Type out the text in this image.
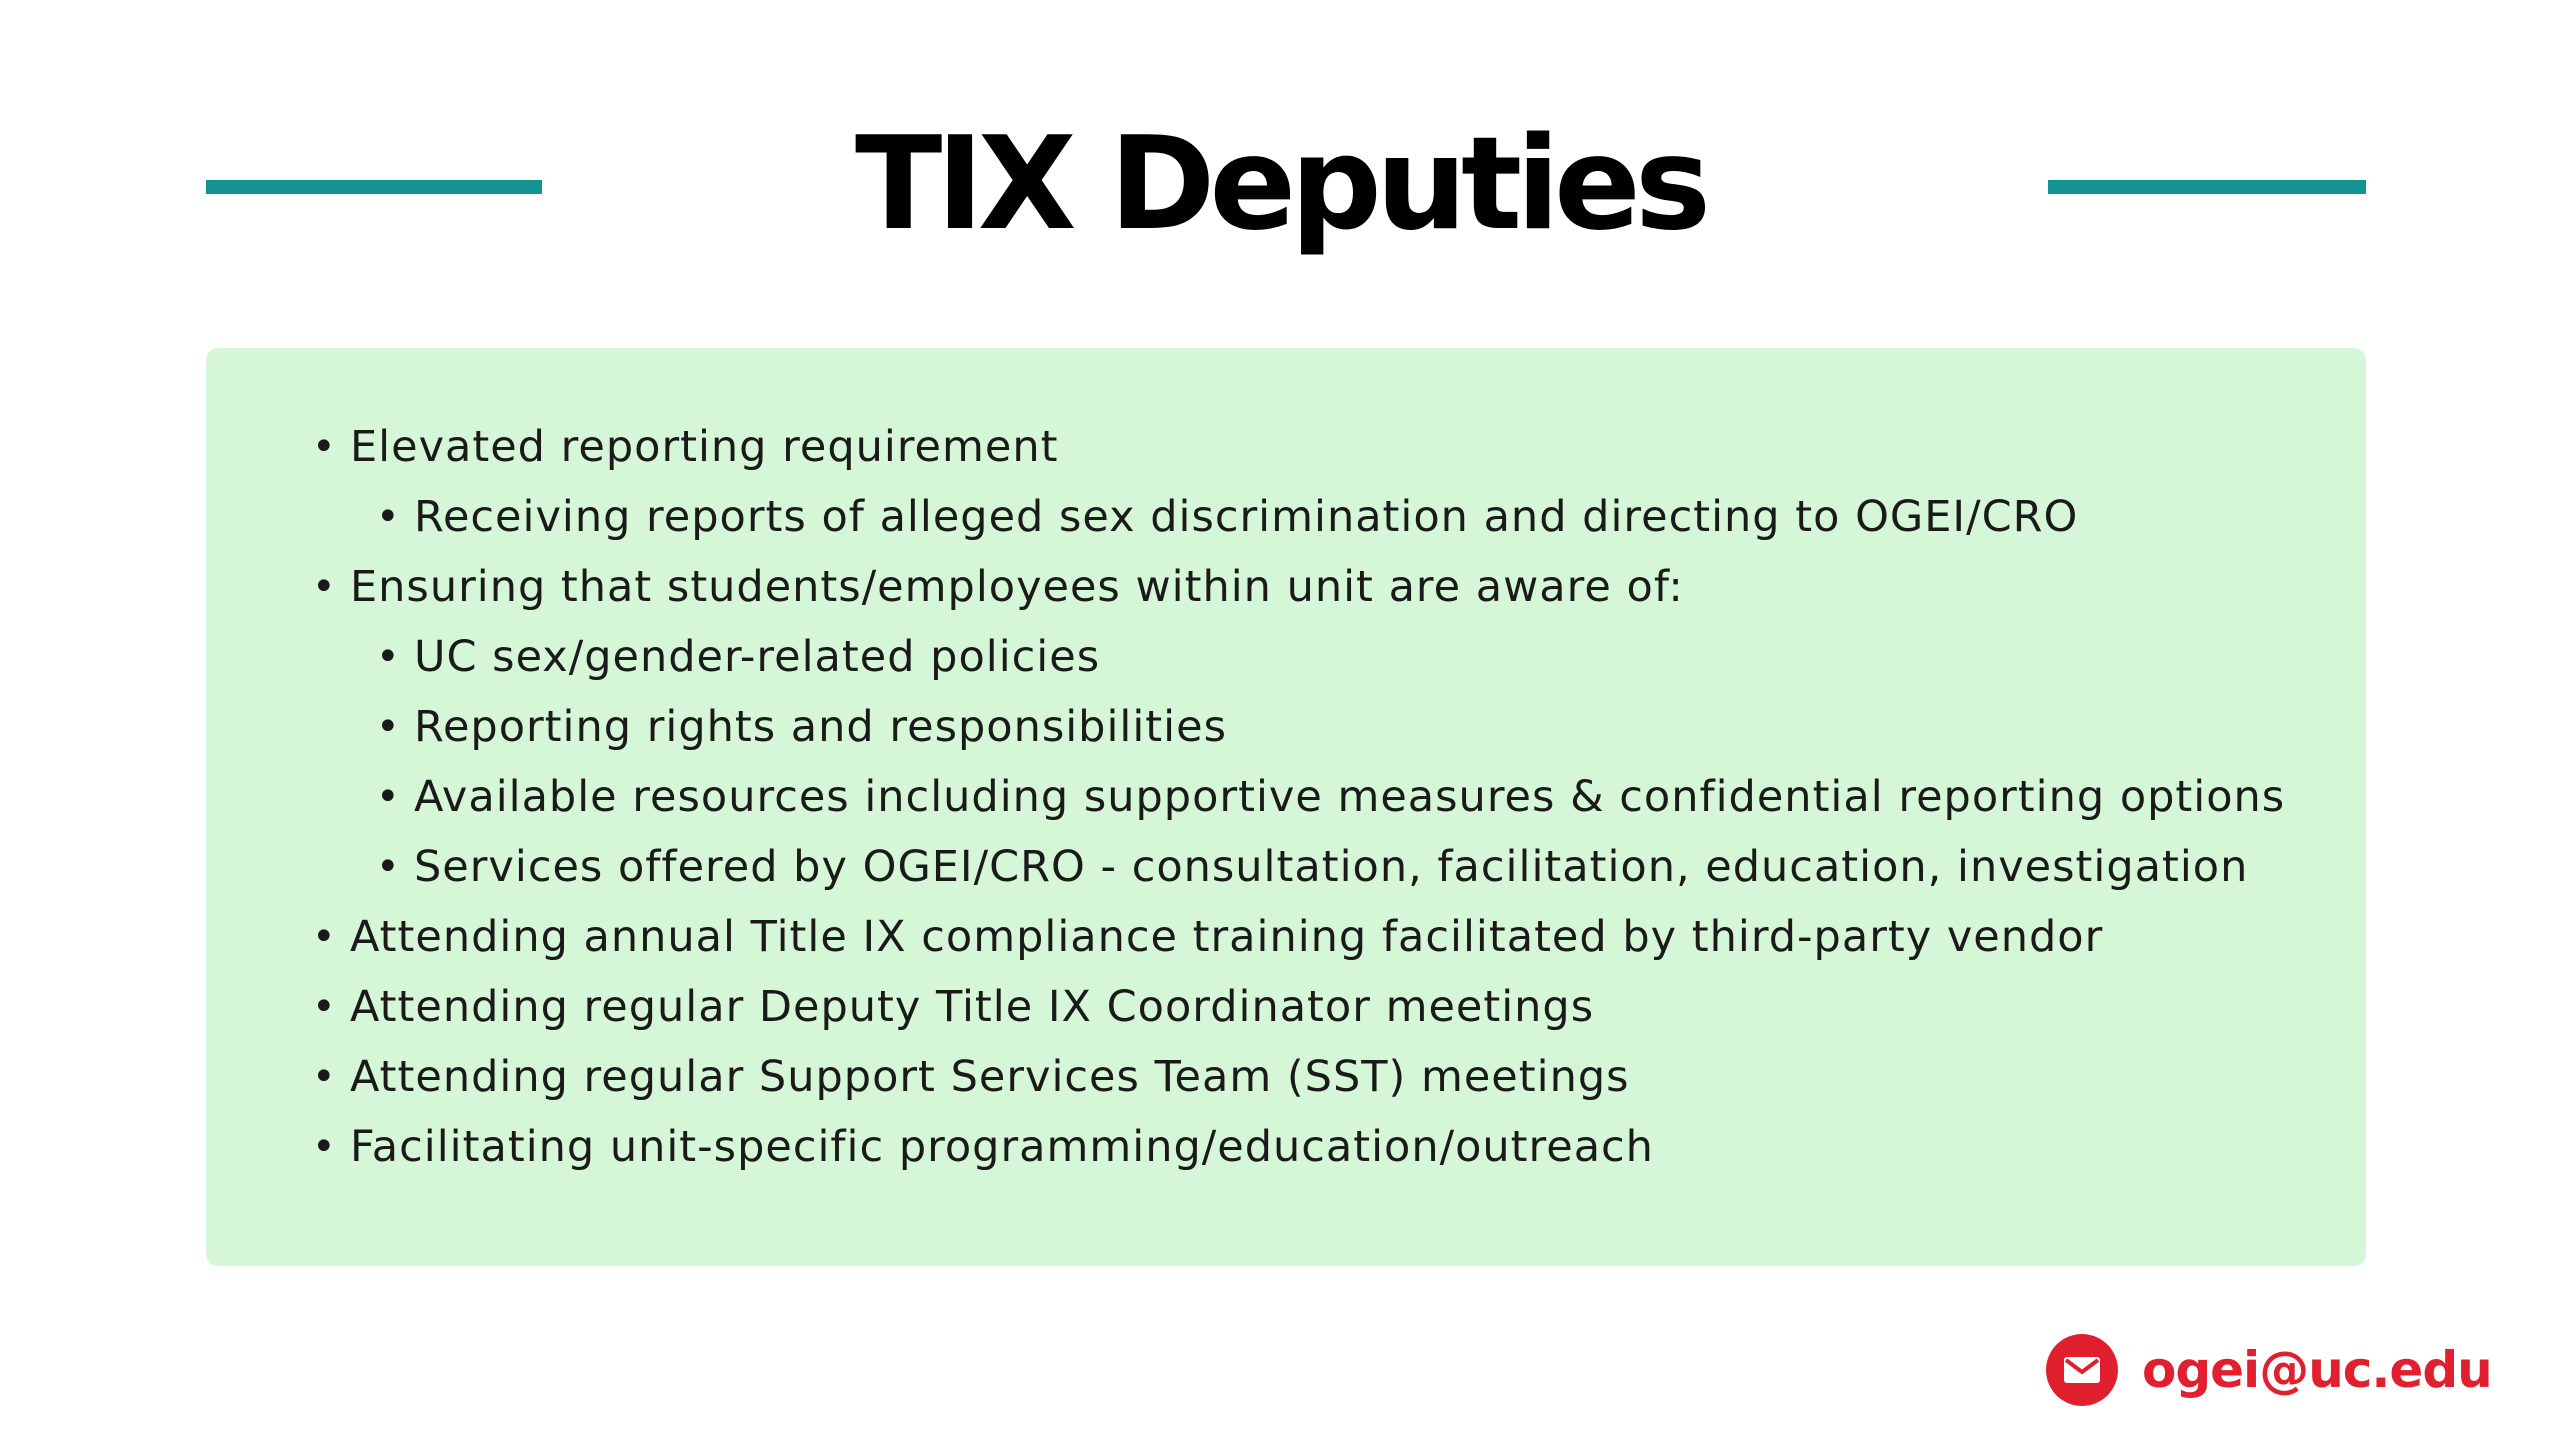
TIX Deputies
• Elevated reporting requirement
• Receiving reports of alleged sex discrimination and directing to OGEI/CRO
• Ensuring that students/employees within unit are aware of:
• UC sex/gender-related policies
• Reporting rights and responsibilities
• Available resources including supportive measures & confidential reporting options
• Services offered by OGEI/CRO - consultation, facilitation, education, investigation
• Attending annual Title IX compliance training facilitated by third-party vendor
• Attending regular Deputy Title IX Coordinator meetings
• Attending regular Support Services Team (SST) meetings
• Facilitating unit-specific programming/education/outreach
ogei@uc.edu
